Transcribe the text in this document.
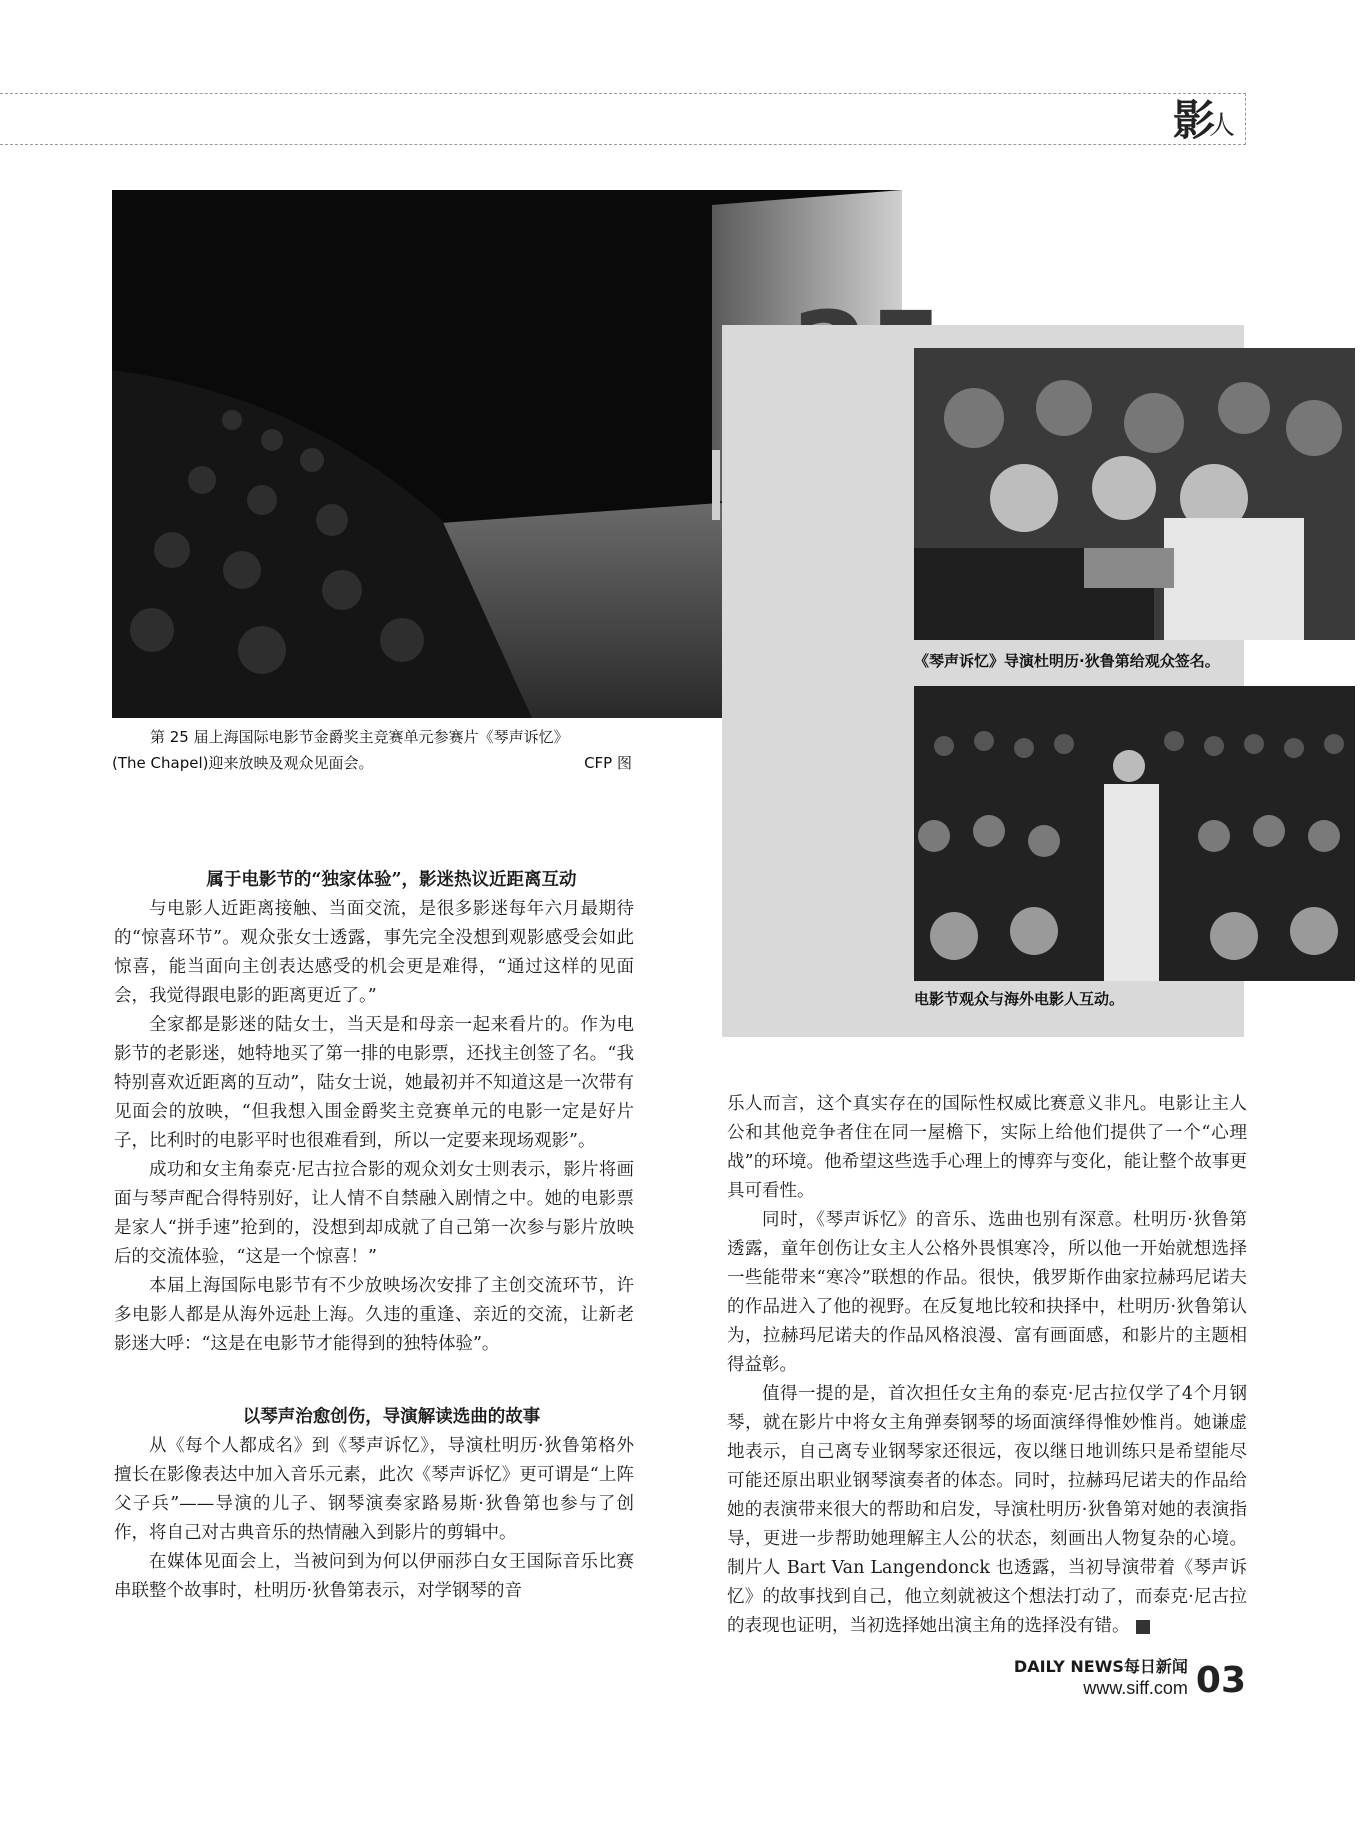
影
人
第 25 届上海国际电影节金爵奖主竞赛单元参赛片《琴声诉忆》
(The Chapel)迎来放映及观众见面会。	CFP 图
《琴声诉忆》导演杜明历·狄鲁第给观众签名。
电影节观众与海外电影人互动。

属于电影节的“独家体验”，影迷热议近距离互动

与电影人近距离接触、当面交流，是很多影迷每年六月最期待的“惊喜环节”。观众张女士透露，事先完全没想到观影感受会如此惊喜，能当面向主创表达感受的机会更是难得，“通过这样的见面会，我觉得跟电影的距离更近了。”

全家都是影迷的陆女士，当天是和母亲一起来看片的。作为电影节的老影迷，她特地买了第一排的电影票，还找主创签了名。“我特别喜欢近距离的互动”，陆女士说，她最初并不知道这是一次带有见面会的放映，“但我想入围金爵奖主竞赛单元的电影一定是好片子，比利时的电影平时也很难看到，所以一定要来现场观影”。

成功和女主角泰克·尼古拉合影的观众刘女士则表示，影片将画面与琴声配合得特别好，让人情不自禁融入剧情之中。她的电影票是家人“拼手速”抢到的，没想到却成就了自己第一次参与影片放映后的交流体验，“这是一个惊喜！”

本届上海国际电影节有不少放映场次安排了主创交流环节，许多电影人都是从海外远赴上海。久违的重逢、亲近的交流，让新老影迷大呼：“这是在电影节才能得到的独特体验”。

以琴声治愈创伤，导演解读选曲的故事

从《每个人都成名》到《琴声诉忆》，导演杜明历·狄鲁第格外擅长在影像表达中加入音乐元素，此次《琴声诉忆》更可谓是“上阵父子兵”——导演的儿子、钢琴演奏家路易斯·狄鲁第也参与了创作，将自己对古典音乐的热情融入到影片的剪辑中。

在媒体见面会上，当被问到为何以伊丽莎白女王国际音乐比赛串联整个故事时，杜明历·狄鲁第表示，对学钢琴的音

乐人而言，这个真实存在的国际性权威比赛意义非凡。电影让主人公和其他竞争者住在同一屋檐下，实际上给他们提供了一个“心理战”的环境。他希望这些选手心理上的博弈与变化，能让整个故事更具可看性。

同时，《琴声诉忆》的音乐、选曲也别有深意。杜明历·狄鲁第透露，童年创伤让女主人公格外畏惧寒冷，所以他一开始就想选择一些能带来“寒冷”联想的作品。很快，俄罗斯作曲家拉赫玛尼诺夫的作品进入了他的视野。在反复地比较和抉择中，杜明历·狄鲁第认为，拉赫玛尼诺夫的作品风格浪漫、富有画面感，和影片的主题相得益彰。

值得一提的是，首次担任女主角的泰克·尼古拉仅学了4个月钢琴，就在影片中将女主角弹奏钢琴的场面演绎得惟妙惟肖。她谦虚地表示，自己离专业钢琴家还很远，夜以继日地训练只是希望能尽可能还原出职业钢琴演奏者的体态。同时，拉赫玛尼诺夫的作品给她的表演带来很大的帮助和启发，导演杜明历·狄鲁第对她的表演指导，更进一步帮助她理解主人公的状态，刻画出人物复杂的心境。制片人 Bart Van Langendonck 也透露，当初导演带着《琴声诉忆》的故事找到自己，他立刻就被这个想法打动了，而泰克·尼古拉的表现也证明，当初选择她出演主角的选择没有错。	T

DAILY NEWS每日新闻
www.siff.com 03
